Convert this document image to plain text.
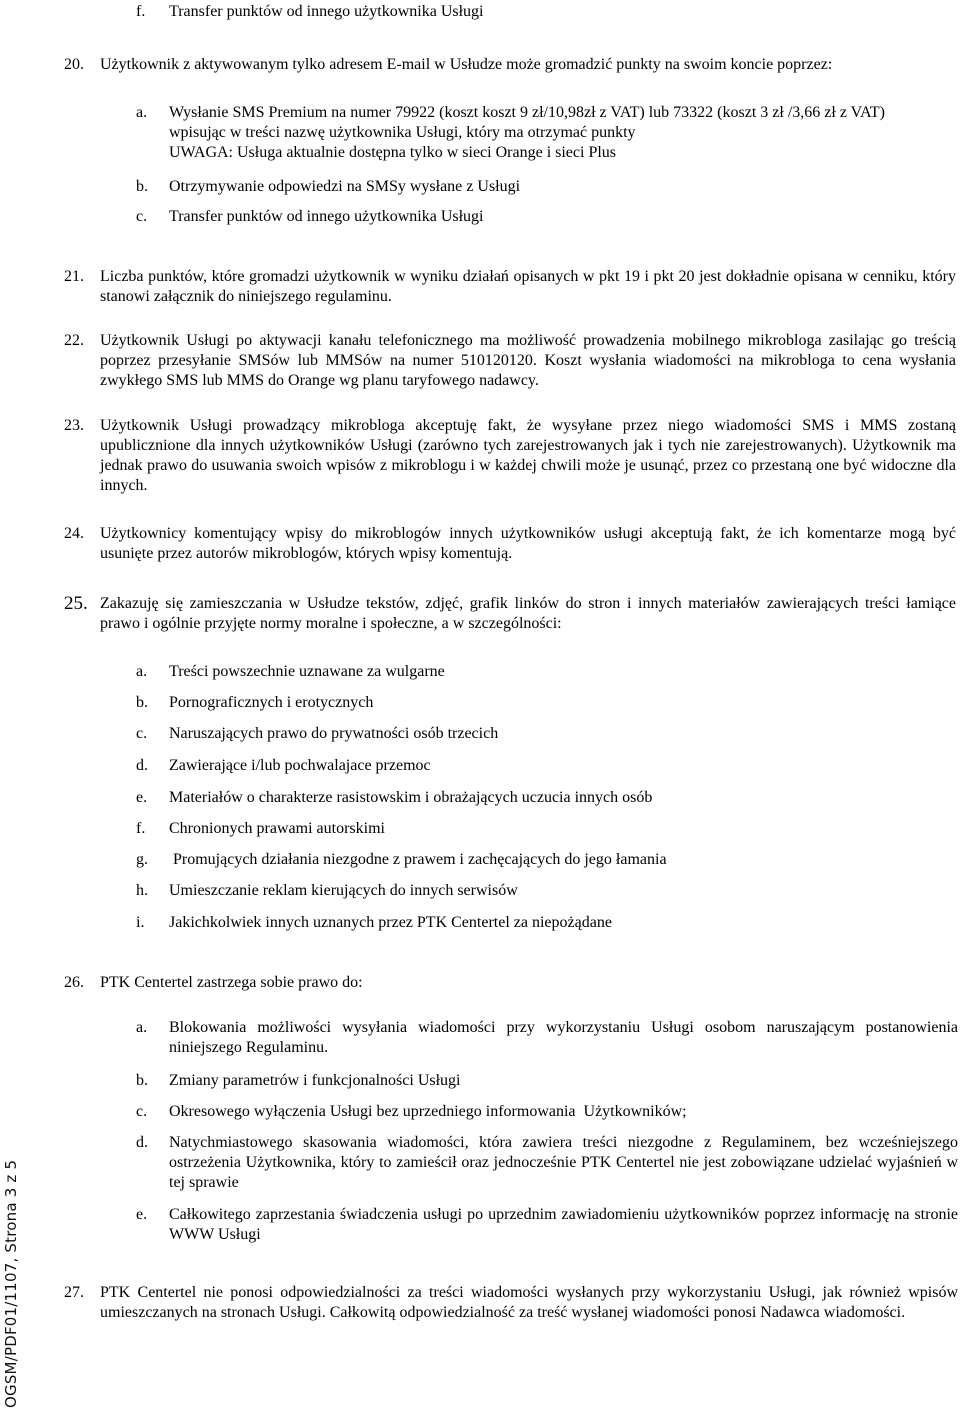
f. Transfer punktów od innego użytkownika Usługi

20. Użytkownik z aktywowanym tylko adresem E-mail w Usłudze może gromadzić punkty na swoim koncie poprzez:

a. Wysłanie SMS Premium na numer 79922 (koszt koszt 9 zł/10,98zł z VAT) lub 73322 (koszt 3 zł /3,66 zł z VAT)

wpisując w treści nazwę użytkownika Usługi, który ma otrzymać punkty

UWAGA: Usługa aktualnie dostępna tylko w sieci Orange i sieci Plus

b. Otrzymywanie odpowiedzi na SMSy wysłane z Usługi

c. Transfer punktów od innego użytkownika Usługi

21. Liczba punktów, które gromadzi użytkownik w wyniku działań opisanych w pkt 19 i pkt 20 jest dokładnie opisana w cenniku, który stanowi załącznik do niniejszego regulaminu.

22. Użytkownik Usługi po aktywacji kanału telefonicznego ma możliwość prowadzenia mobilnego mikrobloga zasilając go treścią poprzez przesyłanie SMSów lub MMSów na numer 510120120. Koszt wysłania wiadomości na mikrobloga to cena wysłania zwykłego SMS lub MMS do Orange wg planu taryfowego nadawcy.

23. Użytkownik Usługi prowadzący mikrobloga akceptuję fakt, że wysyłane przez niego wiadomości SMS i MMS zostaną upublicznione dla innych użytkowników Usługi (zarówno tych zarejestrowanych jak i tych nie zarejestrowanych). Użytkownik ma jednak prawo do usuwania swoich wpisów z mikroblogu i w każdej chwili może je usunąć, przez co przestaną one być widoczne dla innych.

24. Użytkownicy komentujący wpisy do mikroblogów innych użytkowników usługi akceptują fakt, że ich komentarze mogą być usunięte przez autorów mikroblogów, których wpisy komentują.

25. Zakazuję się zamieszczania w Usłudze tekstów, zdjęć, grafik linków do stron i innych materiałów zawierających treści łamiące prawo i ogólnie przyjęte normy moralne i społeczne, a w szczególności:

a. Treści powszechnie uznawane za wulgarne

b. Pornograficznych i erotycznych

c. Naruszających prawo do prywatności osób trzecich

d. Zawierające i/lub pochwalajace przemoc

e. Materiałów o charakterze rasistowskim i obrażających uczucia innych osób

f. Chronionych prawami autorskimi

g. Promujących działania niezgodne z prawem i zachęcających do jego łamania

h. Umieszczanie reklam kierujących do innych serwisów

i. Jakichkolwiek innych uznanych przez PTK Centertel za niepożądane

26. PTK Centertel zastrzega sobie prawo do:

a. Blokowania możliwości wysyłania wiadomości przy wykorzystaniu Usługi osobom naruszającym postanowienia niniejszego Regulaminu.

b. Zmiany parametrów i funkcjonalności Usługi

c. Okresowego wyłączenia Usługi bez uprzedniego informowania  Użytkowników;

d. Natychmiastowego skasowania wiadomości, która zawiera treści niezgodne z Regulaminem, bez wcześniejszego ostrzeżenia Użytkownika, który to zamieścił oraz jednocześnie PTK Centertel nie jest zobowiązane udzielać wyjaśnień w tej sprawie

e. Całkowitego zaprzestania świadczenia usługi po uprzednim zawiadomieniu użytkowników poprzez informację na stronie WWW Usługi

27. PTK Centertel nie ponosi odpowiedzialności za treści wiadomości wysłanych przy wykorzystaniu Usługi, jak również wpisów umieszczanych na stronach Usługi. Całkowitą odpowiedzialność za treść wysłanej wiadomości ponosi Nadawca wiadomości.

OGSM/PDF01/1107, Strona 3 z 5
